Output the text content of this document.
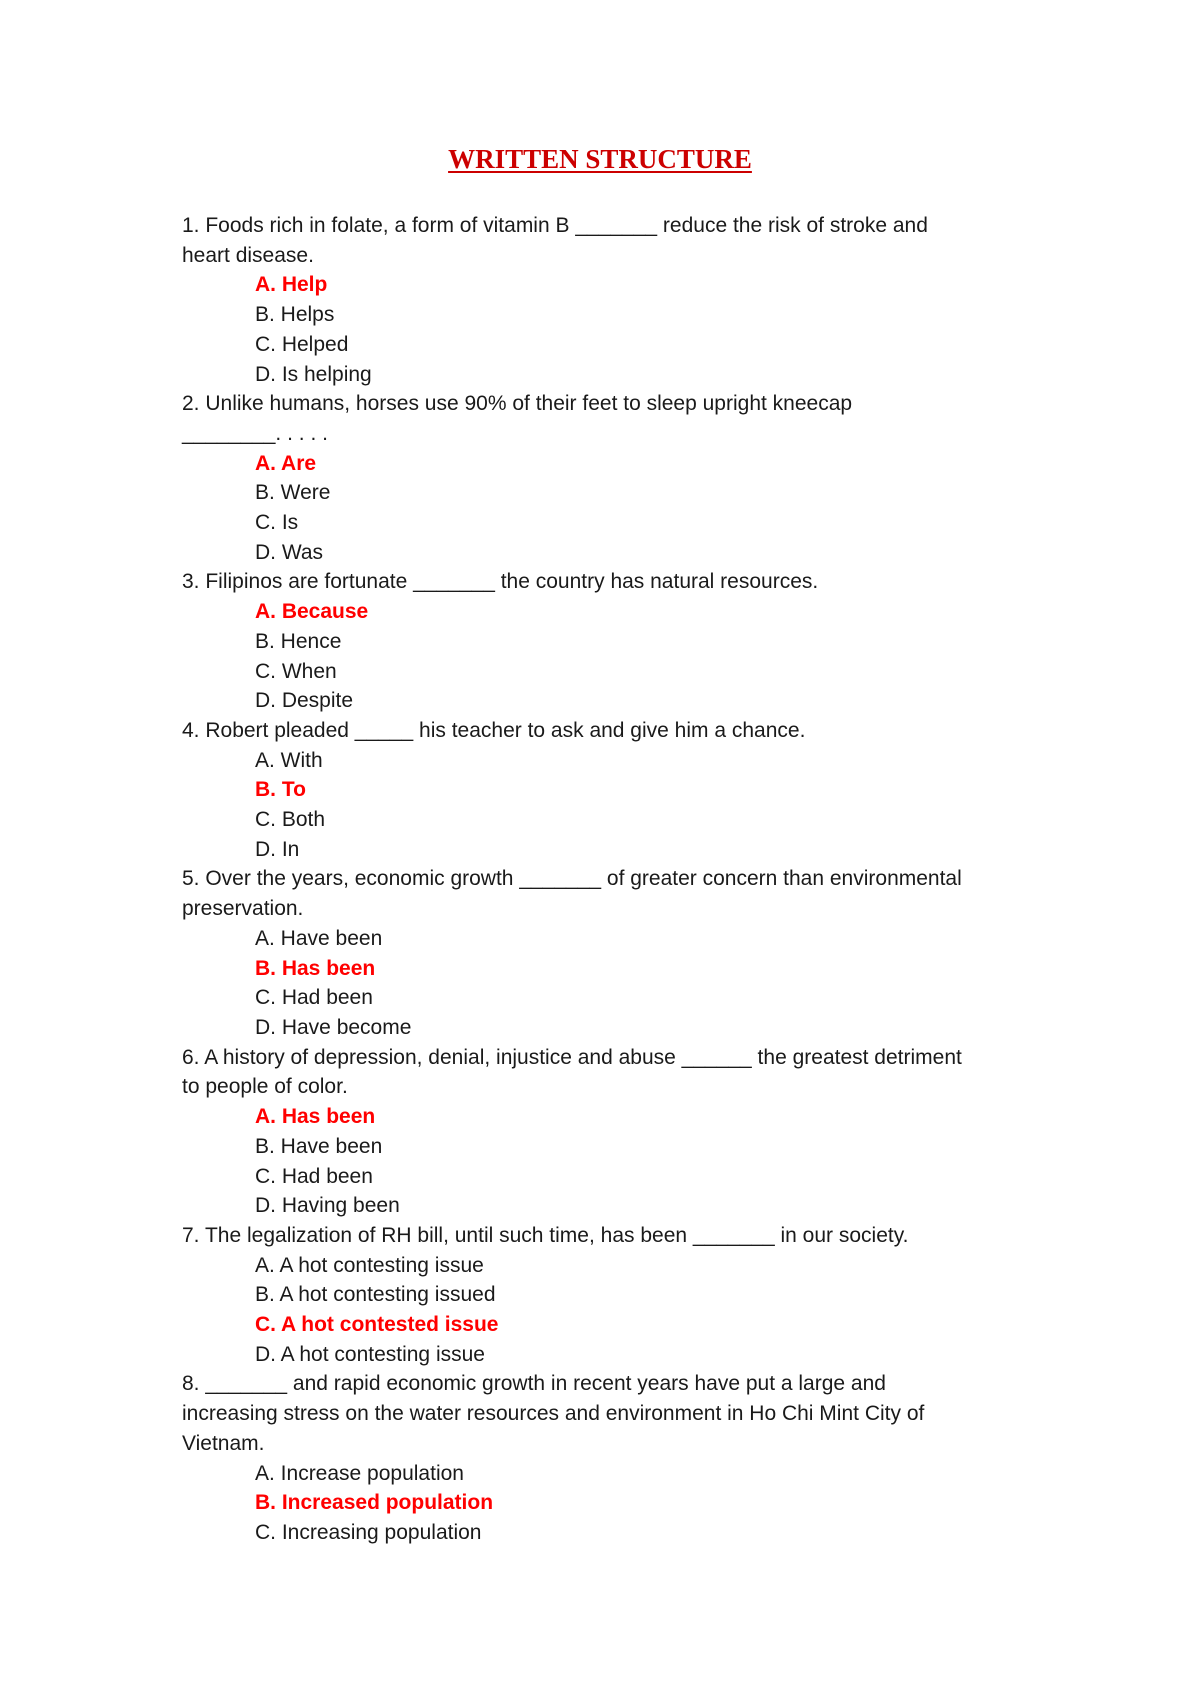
WRITTEN STRUCTURE

1. Foods rich in folate, a form of vitamin B _______ reduce the risk of stroke and

heart disease.

A. Help

B. Helps

C. Helped

D. Is helping

2. Unlike humans, horses use 90% of their feet to sleep upright kneecap

________. . . . .

A. Are

B. Were

C. Is

D. Was

3. Filipinos are fortunate _______ the country has natural resources.

A. Because

B. Hence

C. When

D. Despite

4. Robert pleaded _____ his teacher to ask and give him a chance.

A. With

B. To

C. Both

D. In

5. Over the years, economic growth _______ of greater concern than environmental

preservation.

A. Have been

B. Has been

C. Had been

D. Have become

6. A history of depression, denial, injustice and abuse ______ the greatest detriment

to people of color.

A. Has been

B. Have been

C. Had been

D. Having been

7. The legalization of RH bill, until such time, has been _______ in our society.

A. A hot contesting issue

B. A hot contesting issued

C. A hot contested issue

D. A hot contesting issue

8. _______ and rapid economic growth in recent years have put a large and

increasing stress on the water resources and environment in Ho Chi Mint City of

Vietnam.

A. Increase population

B. Increased population

C. Increasing population
